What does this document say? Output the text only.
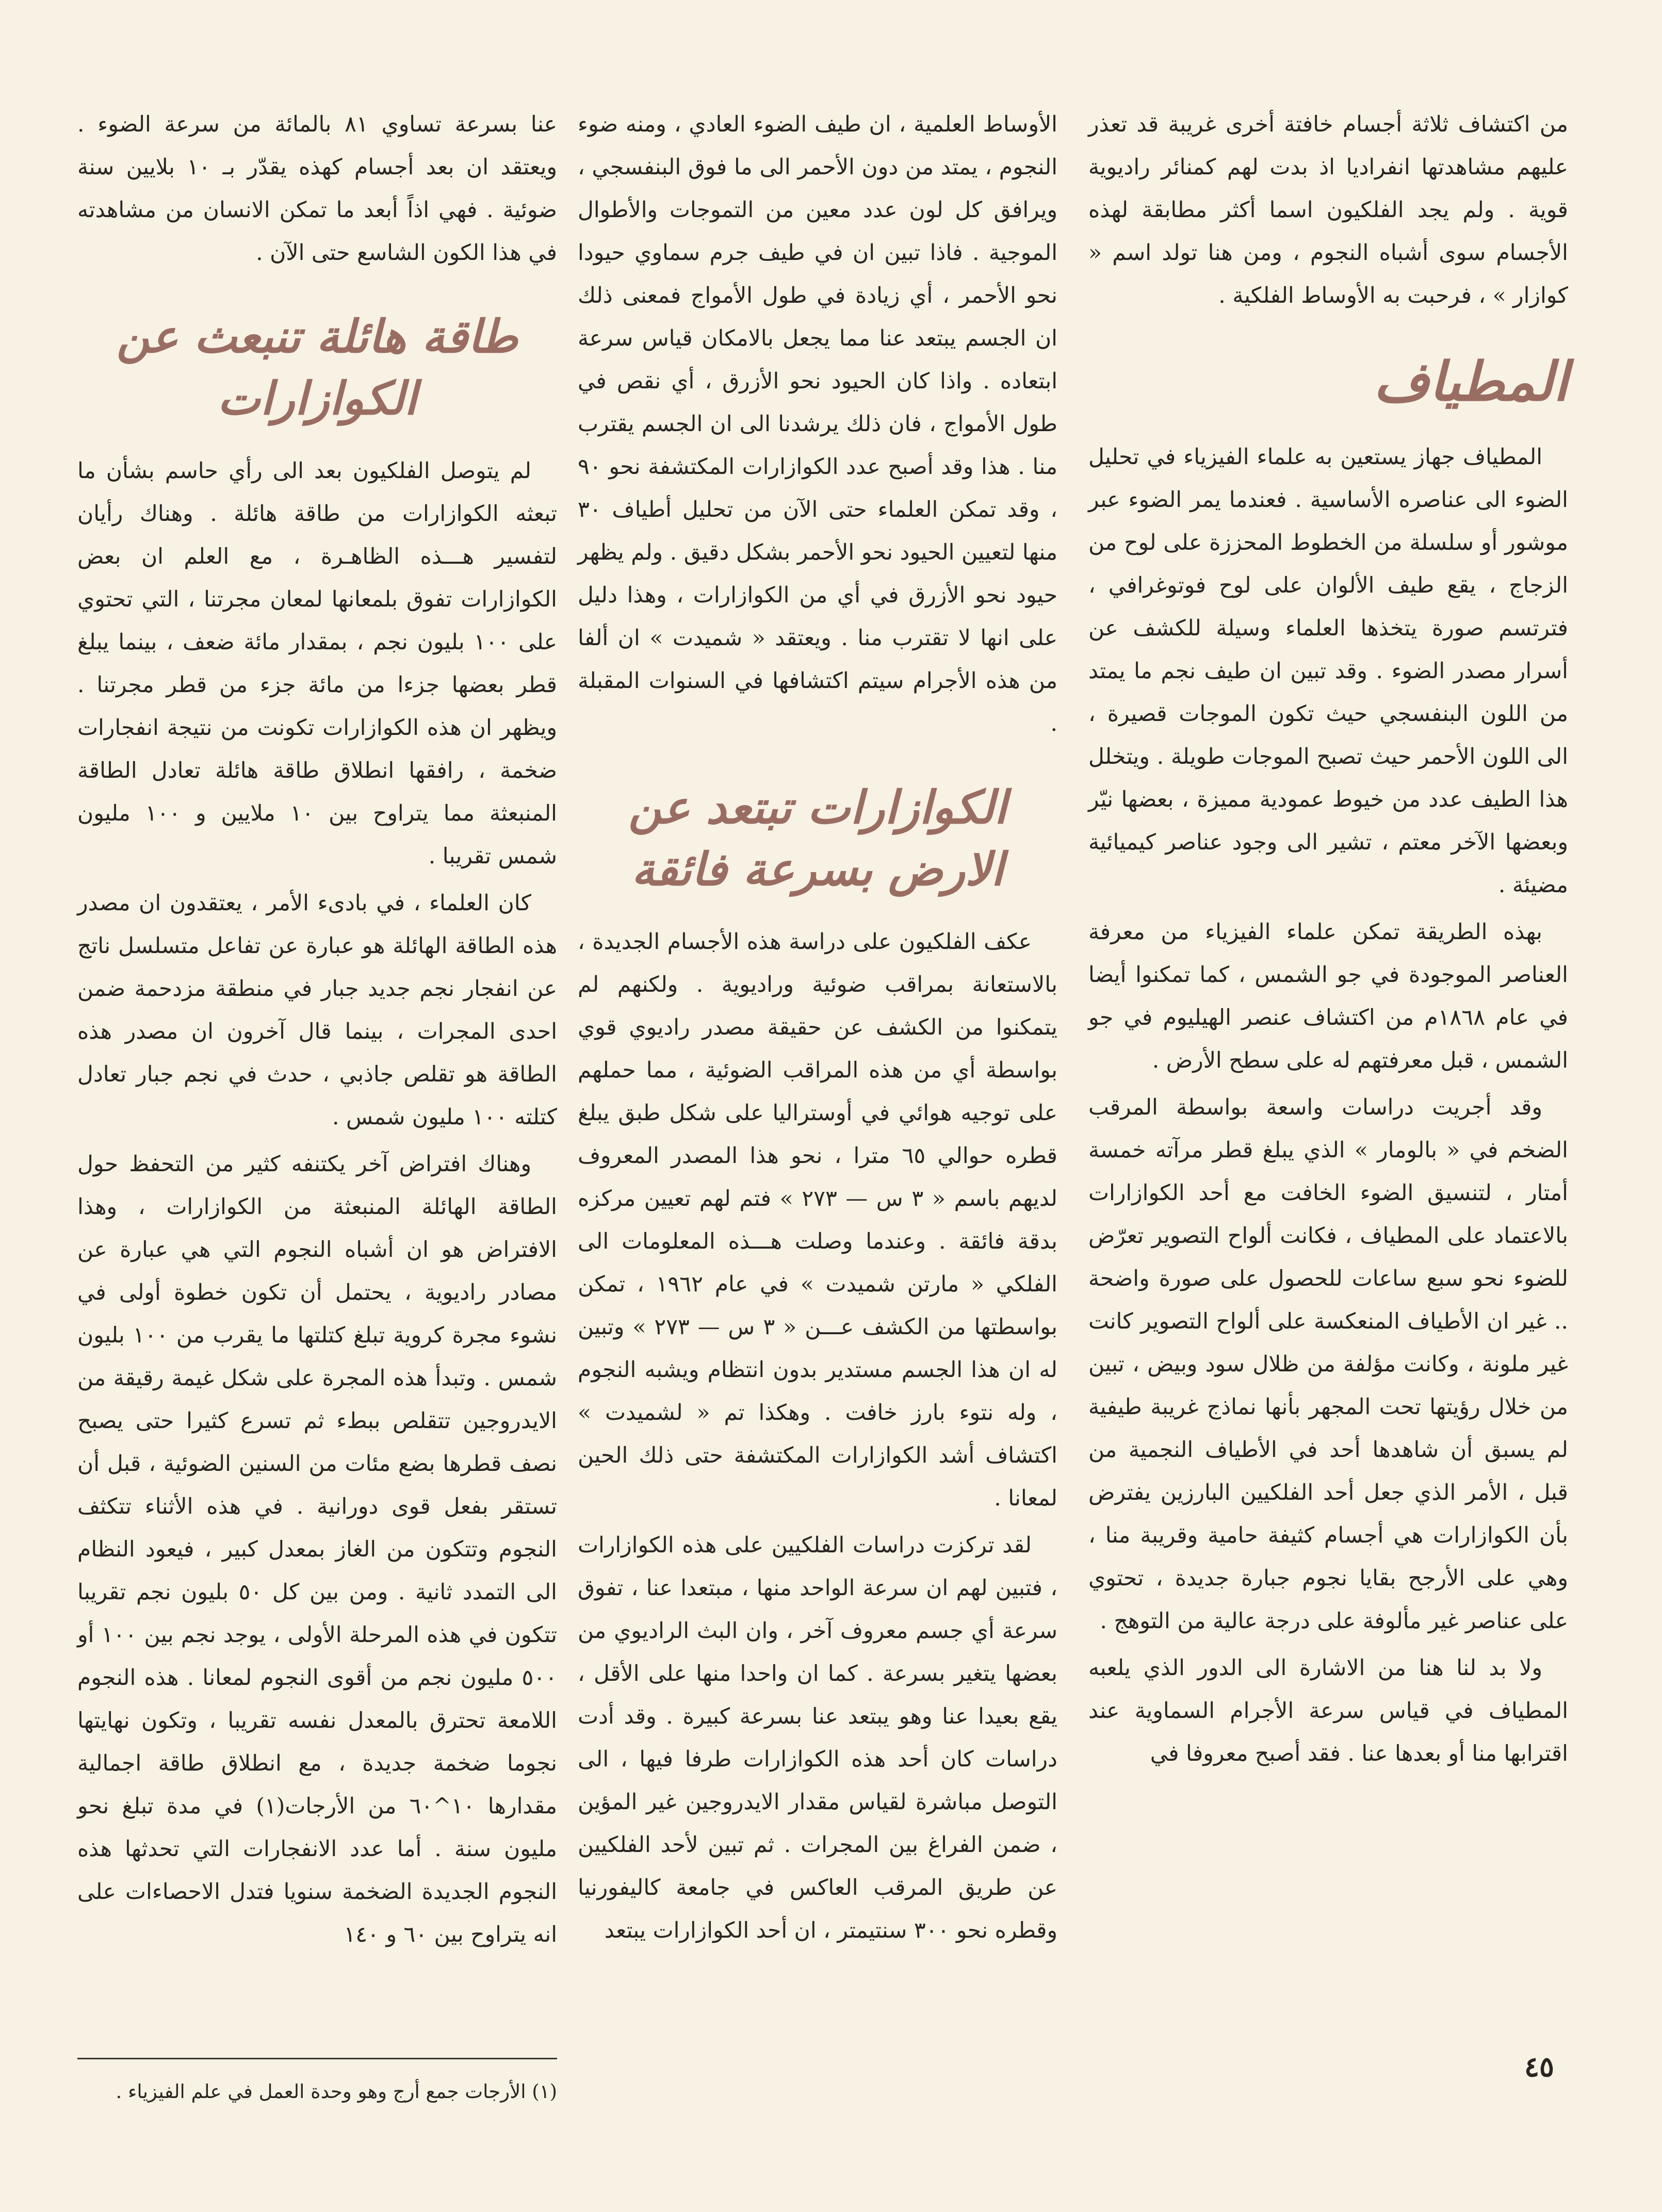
من اكتشاف ثلاثة أجسام خافتة أخرى غريبة قد تعذر عليهم مشاهدتها انفراديا اذ بدت لهم كمنائر راديوية قوية . ولم يجد الفلكيون اسما أكثر مطابقة لهذه الأجسام سوى أشباه النجوم ، ومن هنا تولد اسم « كوازار » ، فرحبت به الأوساط الفلكية .

المطياف

المطياف جهاز يستعين به علماء الفيزياء في تحليل الضوء الى عناصره الأساسية . فعندما يمر الضوء عبر موشور أو سلسلة من الخطوط المحززة على لوح من الزجاج ، يقع طيف الألوان على لوح فوتوغرافي ، فترتسم صورة يتخذها العلماء وسيلة للكشف عن أسرار مصدر الضوء . وقد تبين ان طيف نجم ما يمتد من اللون البنفسجي حيث تكون الموجات قصيرة ، الى اللون الأحمر حيث تصبح الموجات طويلة . ويتخلل هذا الطيف عدد من خيوط عمودية مميزة ، بعضها نيّر وبعضها الآخر معتم ، تشير الى وجود عناصر كيميائية مضيئة .

بهذه الطريقة تمكن علماء الفيزياء من معرفة العناصر الموجودة في جو الشمس ، كما تمكنوا أيضا في عام ١٨٦٨م من اكتشاف عنصر الهيليوم في جو الشمس ، قبل معرفتهم له على سطح الأرض .

وقد أجريت دراسات واسعة بواسطة المرقب الضخم في « بالومار » الذي يبلغ قطر مرآته خمسة أمتار ، لتنسيق الضوء الخافت مع أحد الكوازارات بالاعتماد على المطياف ، فكانت ألواح التصوير تعرّض للضوء نحو سبع ساعات للحصول على صورة واضحة .. غير ان الأطياف المنعكسة على ألواح التصوير كانت غير ملونة ، وكانت مؤلفة من ظلال سود وبيض ، تبين من خلال رؤيتها تحت المجهر بأنها نماذج غريبة طيفية لم يسبق أن شاهدها أحد في الأطياف النجمية من قبل ، الأمر الذي جعل أحد الفلكيين البارزين يفترض بأن الكوازارات هي أجسام كثيفة حامية وقريبة منا ، وهي على الأرجح بقايا نجوم جبارة جديدة ، تحتوي على عناصر غير مألوفة على درجة عالية من التوهج .

ولا بد لنا هنا من الاشارة الى الدور الذي يلعبه المطياف في قياس سرعة الأجرام السماوية عند اقترابها منا أو بعدها عنا . فقد أصبح معروفا في

الأوساط العلمية ، ان طيف الضوء العادي ، ومنه ضوء النجوم ، يمتد من دون الأحمر الى ما فوق البنفسجي ، ويرافق كل لون عدد معين من التموجات والأطوال الموجية . فاذا تبين ان في طيف جرم سماوي حيودا نحو الأحمر ، أي زيادة في طول الأمواج فمعنى ذلك ان الجسم يبتعد عنا مما يجعل بالامكان قياس سرعة ابتعاده . واذا كان الحيود نحو الأزرق ، أي نقص في طول الأمواج ، فان ذلك يرشدنا الى ان الجسم يقترب منا . هذا وقد أصبح عدد الكوازارات المكتشفة نحو ٩٠ ، وقد تمكن العلماء حتى الآن من تحليل أطياف ٣٠ منها لتعيين الحيود نحو الأحمر بشكل دقيق . ولم يظهر حيود نحو الأزرق في أي من الكوازارات ، وهذا دليل على انها لا تقترب منا . ويعتقد « شميدت » ان ألفا من هذه الأجرام سيتم اكتشافها في السنوات المقبلة .

الكوازارات تبتعد عن الارض بسرعة فائقة

عكف الفلكيون على دراسة هذه الأجسام الجديدة ، بالاستعانة بمراقب ضوئية وراديوية . ولكنهم لم يتمكنوا من الكشف عن حقيقة مصدر راديوي قوي بواسطة أي من هذه المراقب الضوئية ، مما حملهم على توجيه هوائي في أوستراليا على شكل طبق يبلغ قطره حوالي ٦٥ مترا ، نحو هذا المصدر المعروف لديهم باسم « ٣ س — ٢٧٣ » فتم لهم تعيين مركزه بدقة فائقة . وعندما وصلت هـــذه المعلومات الى الفلكي « مارتن شميدت » في عام ١٩٦٢ ، تمكن بواسطتها من الكشف عـــن « ٣ س — ٢٧٣ » وتبين له ان هذا الجسم مستدير بدون انتظام ويشبه النجوم ، وله نتوء بارز خافت . وهكذا تم « لشميدت » اكتشاف أشد الكوازارات المكتشفة حتى ذلك الحين لمعانا .

لقد تركزت دراسات الفلكيين على هذه الكوازارات ، فتبين لهم ان سرعة الواحد منها ، مبتعدا عنا ، تفوق سرعة أي جسم معروف آخر ، وان البث الراديوي من بعضها يتغير بسرعة . كما ان واحدا منها على الأقل ، يقع بعيدا عنا وهو يبتعد عنا بسرعة كبيرة . وقد أدت دراسات كان أحد هذه الكوازارات طرفا فيها ، الى التوصل مباشرة لقياس مقدار الايدروجين غير المؤين ، ضمن الفراغ بين المجرات . ثم تبين لأحد الفلكيين عن طريق المرقب العاكس في جامعة كاليفورنيا وقطره نحو ٣٠٠ سنتيمتر ، ان أحد الكوازارات يبتعد

عنا بسرعة تساوي ٨١ بالمائة من سرعة الضوء . ويعتقد ان بعد أجسام كهذه يقدّر بـ ١٠ بلايين سنة ضوئية . فهي اذاً أبعد ما تمكن الانسان من مشاهدته في هذا الكون الشاسع حتى الآن .

طاقة هائلة تنبعث عن الكوازارات

لم يتوصل الفلكيون بعد الى رأي حاسم بشأن ما تبعثه الكوازارات من طاقة هائلة . وهناك رأيان لتفسير هـــذه الظاهـرة ، مع العلم ان بعض الكوازارات تفوق بلمعانها لمعان مجرتنا ، التي تحتوي على ١٠٠ بليون نجم ، بمقدار مائة ضعف ، بينما يبلغ قطر بعضها جزءا من مائة جزء من قطر مجرتنا . ويظهر ان هذه الكوازارات تكونت من نتيجة انفجارات ضخمة ، رافقها انطلاق طاقة هائلة تعادل الطاقة المنبعثة مما يتراوح بين ١٠ ملايين و ١٠٠ مليون شمس تقريبا .

كان العلماء ، في بادىء الأمر ، يعتقدون ان مصدر هذه الطاقة الهائلة هو عبارة عن تفاعل متسلسل ناتج عن انفجار نجم جديد جبار في منطقة مزدحمة ضمن احدى المجرات ، بينما قال آخرون ان مصدر هذه الطاقة هو تقلص جاذبي ، حدث في نجم جبار تعادل كتلته ١٠٠ مليون شمس .

وهناك افتراض آخر يكتنفه كثير من التحفظ حول الطاقة الهائلة المنبعثة من الكوازارات ، وهذا الافتراض هو ان أشباه النجوم التي هي عبارة عن مصادر راديوية ، يحتمل أن تكون خطوة أولى في نشوء مجرة كروية تبلغ كتلتها ما يقرب من ١٠٠ بليون شمس . وتبدأ هذه المجرة على شكل غيمة رقيقة من الايدروجين تتقلص ببطء ثم تسرع كثيرا حتى يصبح نصف قطرها بضع مئات من السنين الضوئية ، قبل أن تستقر بفعل قوى دورانية . في هذه الأثناء تتكثف النجوم وتتكون من الغاز بمعدل كبير ، فيعود النظام الى التمدد ثانية . ومن بين كل ٥٠ بليون نجم تقريبا تتكون في هذه المرحلة الأولى ، يوجد نجم بين ١٠٠ أو ٥٠٠ مليون نجم من أقوى النجوم لمعانا . هذه النجوم اللامعة تحترق بالمعدل نفسه تقريبا ، وتكون نهايتها نجوما ضخمة جديدة ، مع انطلاق طاقة اجمالية مقدارها ١٠^٦٠ من الأرجات(١) في مدة تبلغ نحو مليون سنة . أما عدد الانفجارات التي تحدثها هذه النجوم الجديدة الضخمة سنويا فتدل الاحصاءات على انه يتراوح بين ٦٠ و ١٤٠

(١) الأرجات جمع أرج وهو وحدة العمل في علم الفيزياء .
٤٥
